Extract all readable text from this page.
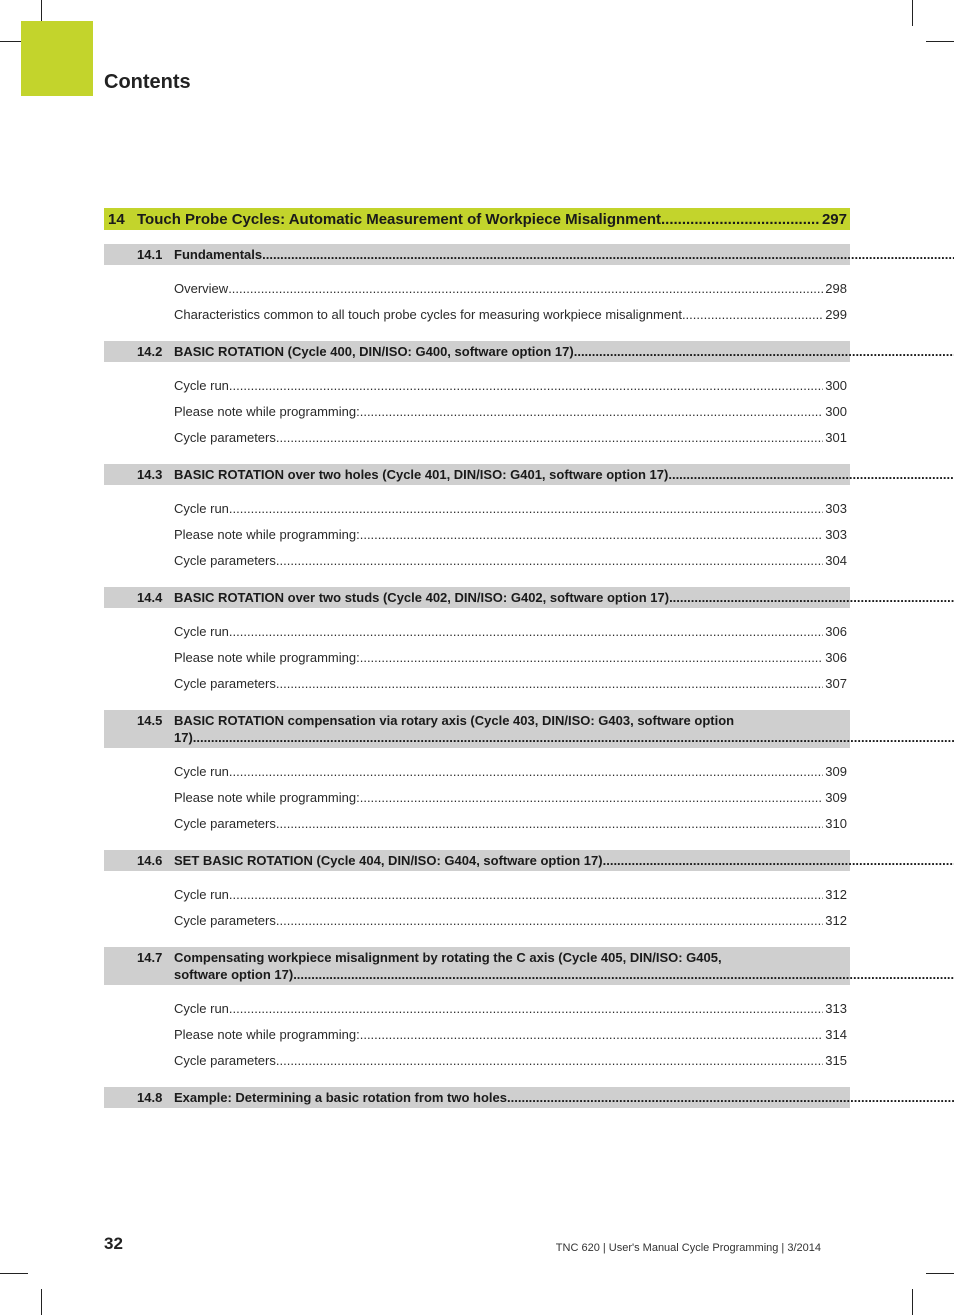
Contents
14 Touch Probe Cycles: Automatic Measurement of Workpiece Misalignment .....	297
14.1 Fundamentals
.....
Overview .....	298
Characteristics common to all touch probe cycles for measuring workpiece misalignment .....	299
14.2 BASIC ROTATION (Cycle 400, DIN/ISO: G400, software option 17)
.....
Cycle run .....	300
Please note while programming: .....	300
Cycle parameters .....	301
14.3 BASIC ROTATION over two holes (Cycle 401, DIN/ISO: G401, software option 17)
.....
Cycle run .....	303
Please note while programming: .....	303
Cycle parameters .....	304
14.4 BASIC ROTATION over two studs (Cycle 402, DIN/ISO: G402, software option 17)
.....
Cycle run .....	306
Please note while programming: .....	306
Cycle parameters .....	307
14.5 BASIC ROTATION compensation via rotary axis (Cycle 403, DIN/ISO: G403, software option
17)
.....
Cycle run .....	309
Please note while programming: .....	309
Cycle parameters .....	310
14.6 SET BASIC ROTATION (Cycle 404, DIN/ISO: G404, software option 17)
.....
Cycle run .....	312
Cycle parameters .....	312
14.7 Compensating workpiece misalignment by rotating the C axis (Cycle 405, DIN/ISO: G405,
software option 17)
.....
Cycle run .....	313
Please note while programming: .....	314
Cycle parameters .....	315
14.8 Example: Determining a basic rotation from two holes
.....
32	TNC 620 | User's Manual Cycle Programming | 3/2014
